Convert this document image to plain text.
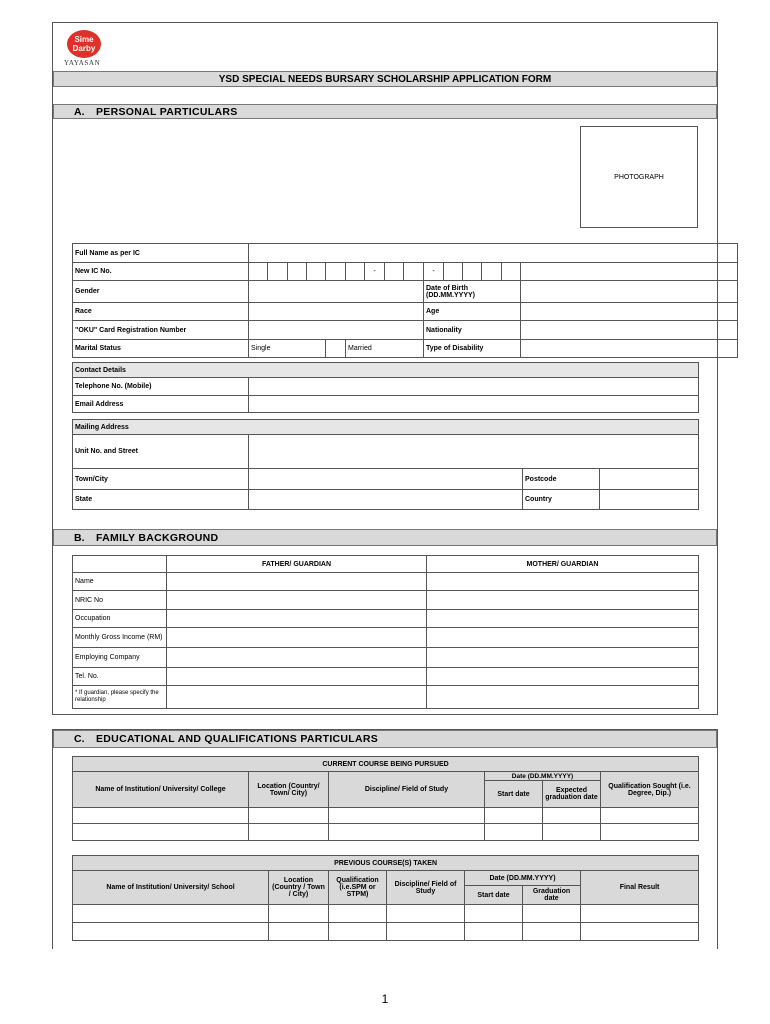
Sime
Darby
YAYASAN
YSD SPECIAL NEEDS BURSARY SCHOLARSHIP APPLICATION FORM
A.	PERSONAL PARTICULARS
PHOTOGRAPH
Full Name as per IC															
New IC No.							-			-					
Gender										Date of Birth (DD.MM.YYYY)					
Race										Age					
"OKU" Card Registration Number										Nationality					
Marital Status	Single					Married				Type of Disability					
Contact Details	
Telephone No. (Mobile)	
Email Address	
Mailing Address			
Unit No. and Street			
Town/City		Postcode	
State		Country	
B.	FAMILY BACKGROUND
	FATHER/ GUARDIAN	MOTHER/ GUARDIAN
Name		
NRIC No		
Occupation		
Monthly Gross Income (RM)		
Employing Company		
Tel. No.		
* If guardian, please specify the relationship		
C.	EDUCATIONAL AND QUALIFICATIONS PARTICULARS
CURRENT COURSE BEING PURSUED					
Name of Institution/ University/ College	Location (Country/ Town/ City)	Discipline/ Field of Study	Date (DD.MM.YYYY)		Qualification Sought (i.e. Degree, Dip.)
			Start date	Expected graduation date	

PREVIOUS COURSE(S) TAKEN						
Name of Institution/ University/ School	Location (Country / Town / City)	Qualification (i.e.SPM or STPM)	Discipline/ Field of Study	Date (DD.MM.YYYY)		Final Result
				Start date	Graduation date	

1
